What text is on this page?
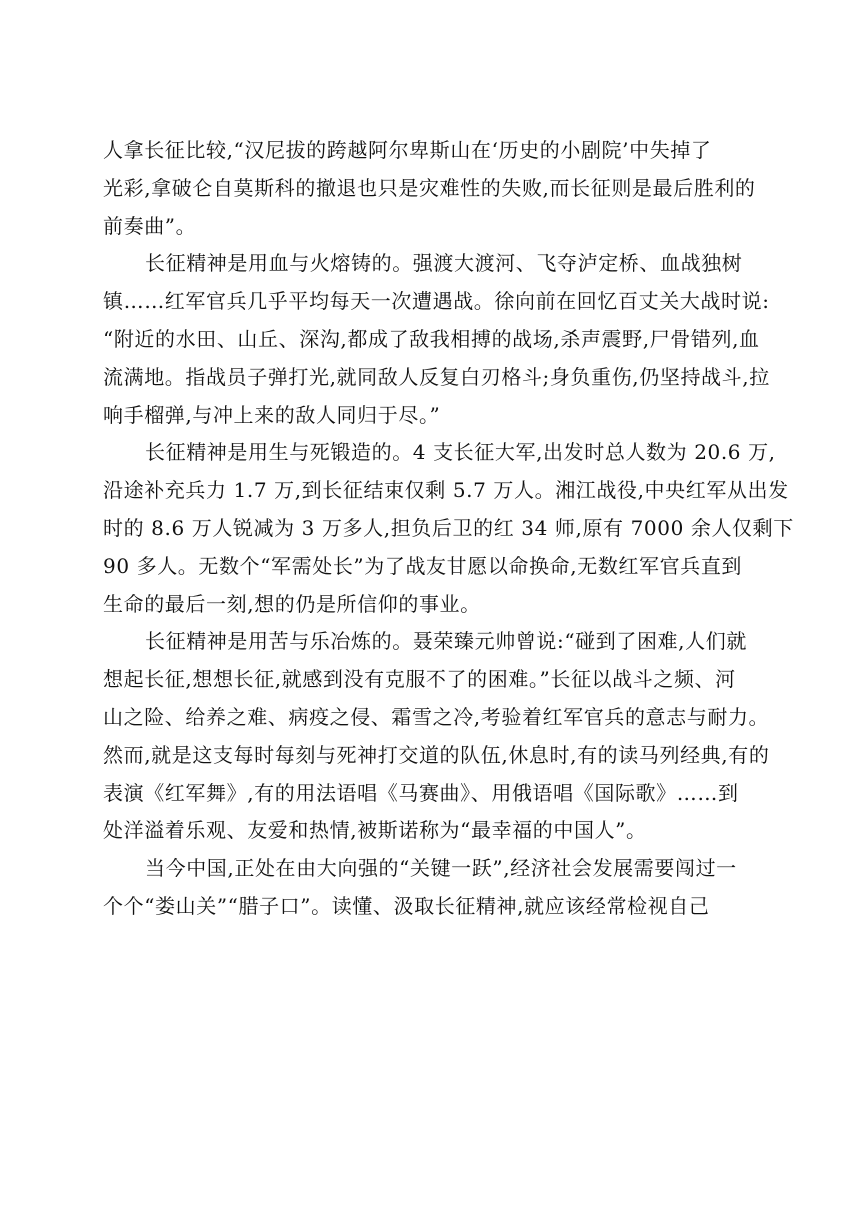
人拿长征比较,“汉尼拔的跨越阿尔卑斯山在‘历史的小剧院’中失掉了
光彩,拿破仑自莫斯科的撤退也只是灾难性的失败,而长征则是最后胜利的
前奏曲”。
长征精神是用血与火熔铸的。强渡大渡河、飞夺泸定桥、血战独树
镇……红军官兵几乎平均每天一次遭遇战。徐向前在回忆百丈关大战时说:
“附近的水田、山丘、深沟,都成了敌我相搏的战场,杀声震野,尸骨错列,血
流满地。指战员子弹打光,就同敌人反复白刃格斗;身负重伤,仍坚持战斗,拉
响手榴弹,与冲上来的敌人同归于尽。”
长征精神是用生与死锻造的。4 支长征大军,出发时总人数为 20.6 万,
沿途补充兵力 1.7 万,到长征结束仅剩 5.7 万人。湘江战役,中央红军从出发
时的 8.6 万人锐减为 3 万多人,担负后卫的红 34 师,原有 7000 余人仅剩下
90 多人。无数个“军需处长”为了战友甘愿以命换命,无数红军官兵直到
生命的最后一刻,想的仍是所信仰的事业。
长征精神是用苦与乐冶炼的。聂荣臻元帅曾说:“碰到了困难,人们就
想起长征,想想长征,就感到没有克服不了的困难。”长征以战斗之频、河
山之险、给养之难、病疫之侵、霜雪之冷,考验着红军官兵的意志与耐力。
然而,就是这支每时每刻与死神打交道的队伍,休息时,有的读马列经典,有的
表演《红军舞》,有的用法语唱《马赛曲》、用俄语唱《国际歌》……到
处洋溢着乐观、友爱和热情,被斯诺称为“最幸福的中国人”。
当今中国,正处在由大向强的“关键一跃”,经济社会发展需要闯过一
个个“娄山关”“腊子口”。读懂、汲取长征精神,就应该经常检视自己
